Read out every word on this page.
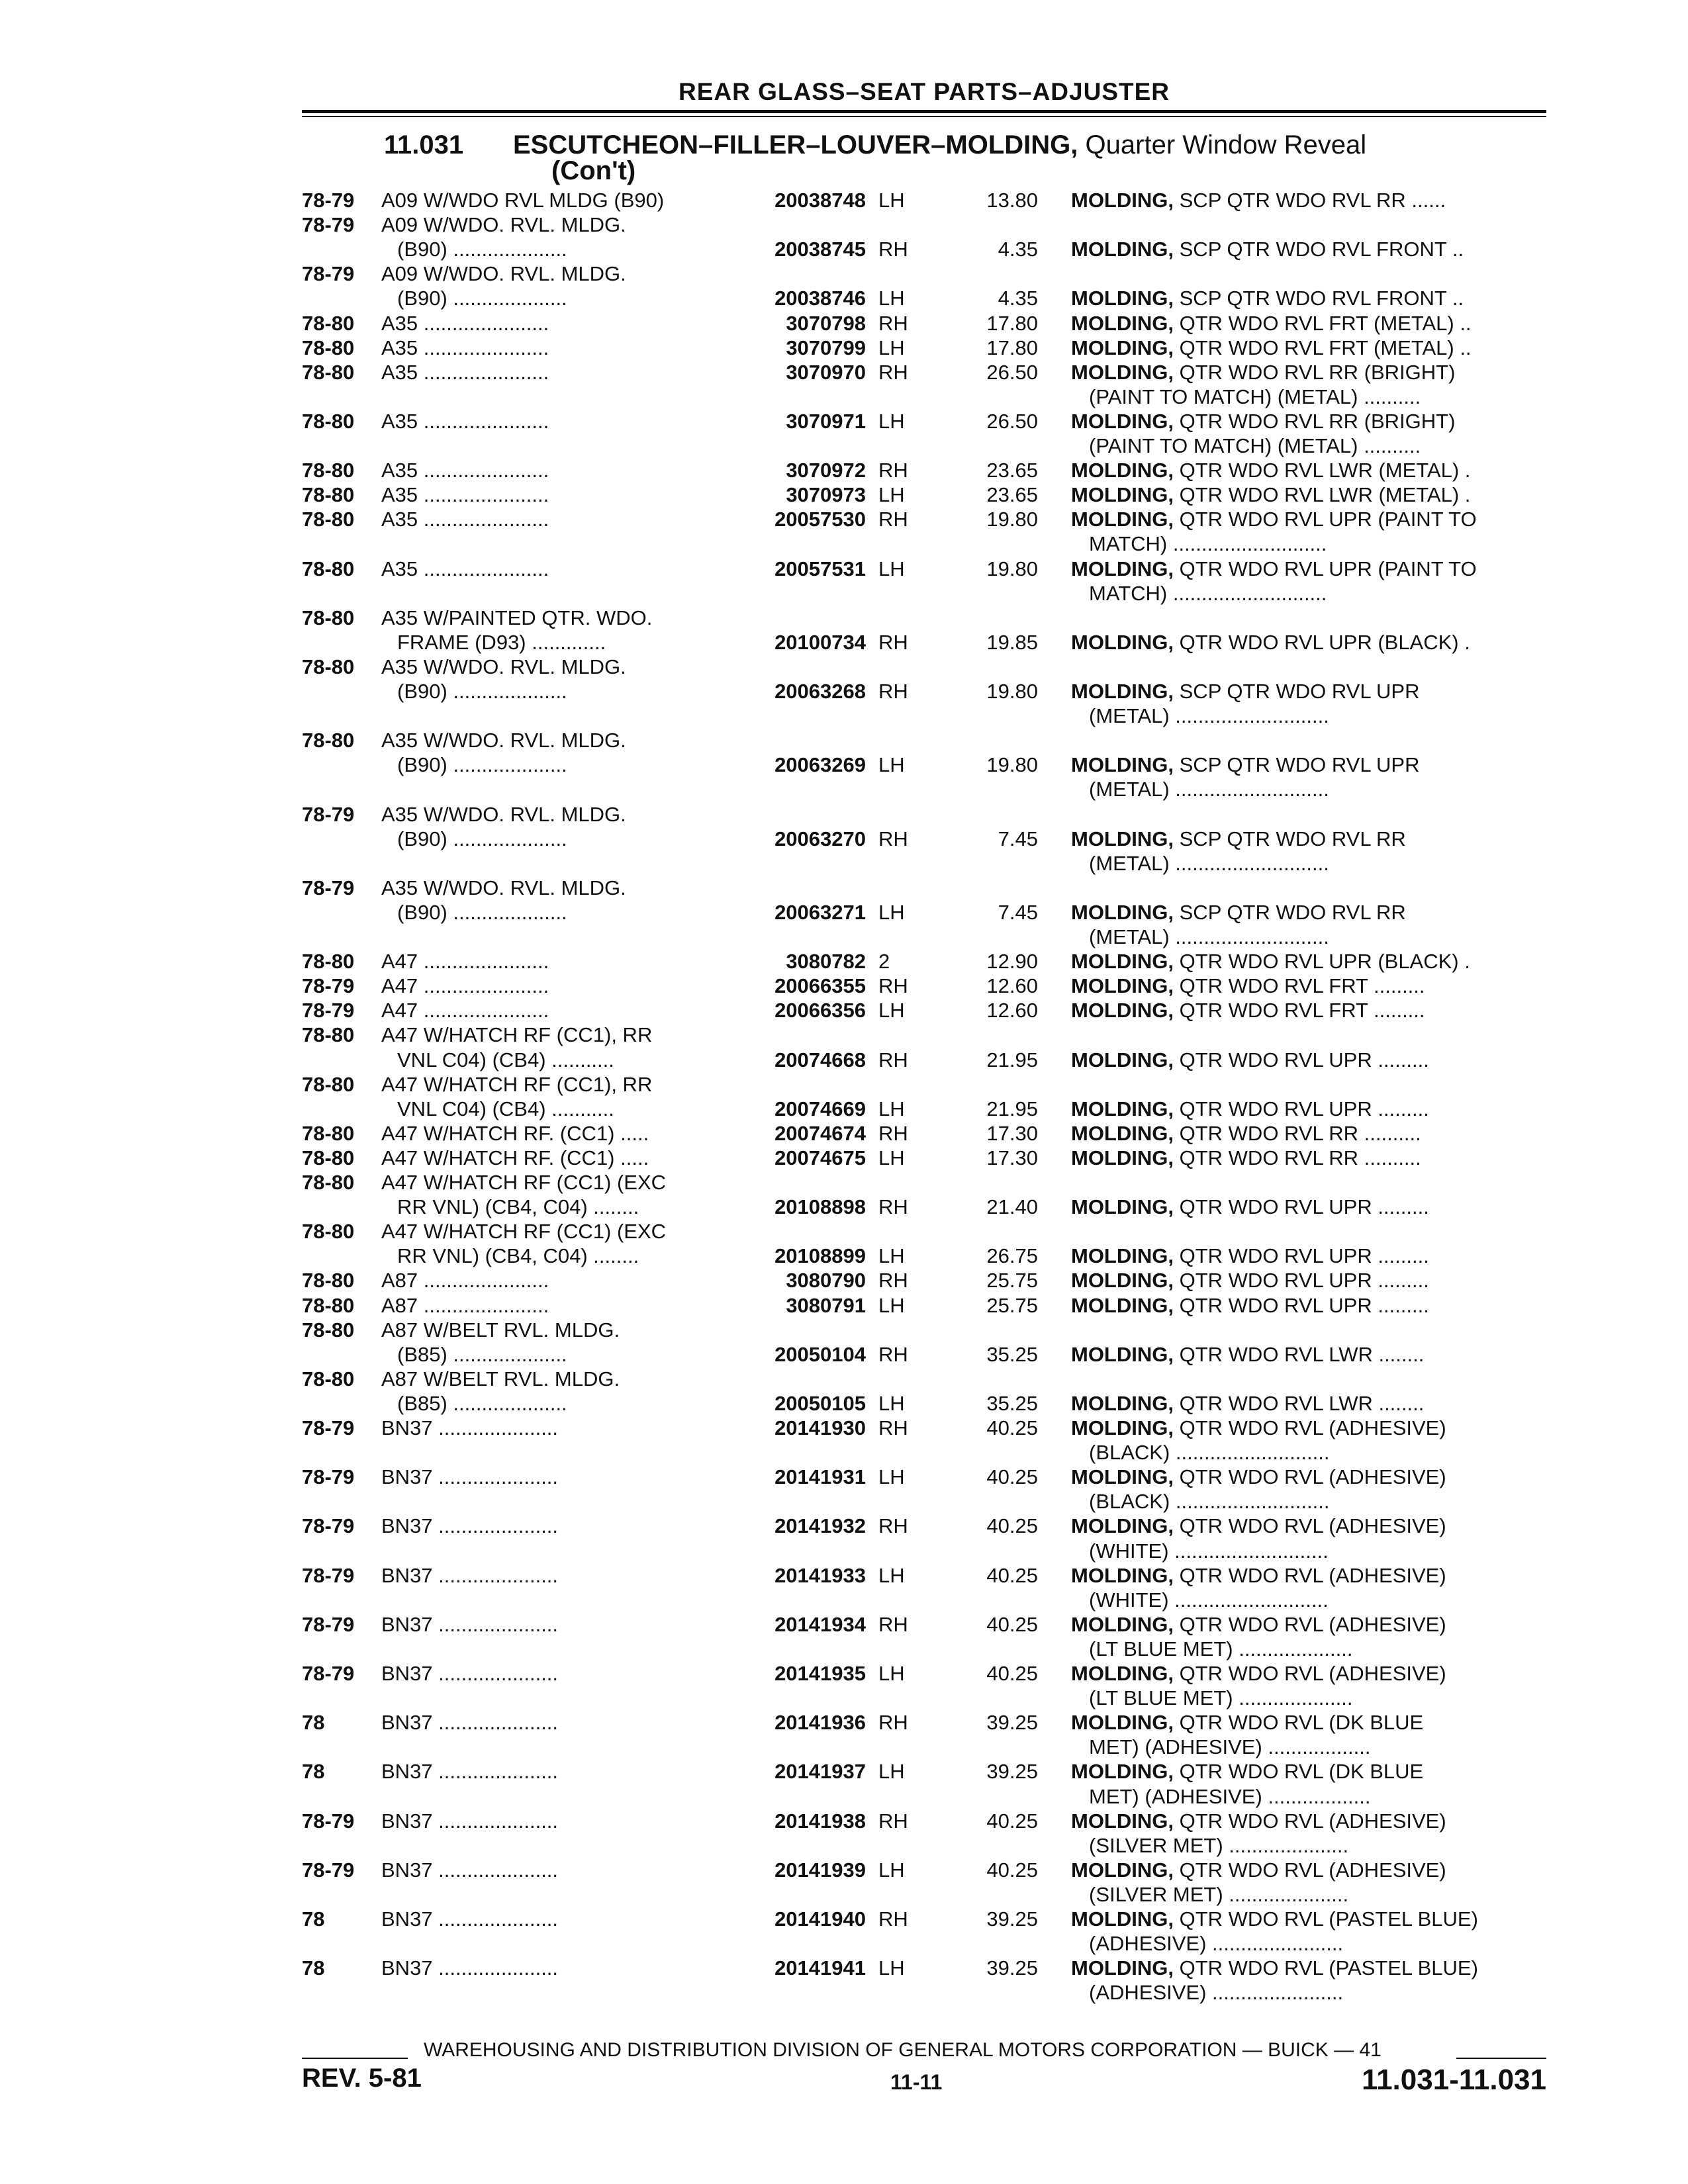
REAR GLASS–SEAT PARTS–ADJUSTER
11.031 ESCUTCHEON–FILLER–LOUVER–MOLDING, Quarter Window Reveal
(Con't)
78-79 A09 W/WDO RVL MLDG (B90)	20038748 LH	13.80 MOLDING, SCP QTR WDO RVL RR ......
78-79 A09 W/WDO. RVL. MLDG.
(B90) ....................	20038745 RH	4.35 MOLDING, SCP QTR WDO RVL FRONT ..
78-79 A09 W/WDO. RVL. MLDG.
(B90) ....................	20038746 LH	4.35 MOLDING, SCP QTR WDO RVL FRONT ..
78-80 A35 ......................	3070798 RH	17.80 MOLDING, QTR WDO RVL FRT (METAL) ..
78-80 A35 ......................	3070799 LH	17.80 MOLDING, QTR WDO RVL FRT (METAL) ..
78-80 A35 ......................	3070970 RH	26.50 MOLDING, QTR WDO RVL RR (BRIGHT)
(PAINT TO MATCH) (METAL) ..........
78-80 A35 ......................	3070971 LH	26.50 MOLDING, QTR WDO RVL RR (BRIGHT)
(PAINT TO MATCH) (METAL) ..........
78-80 A35 ......................	3070972 RH	23.65 MOLDING, QTR WDO RVL LWR (METAL) .
78-80 A35 ......................	3070973 LH	23.65 MOLDING, QTR WDO RVL LWR (METAL) .
78-80 A35 ......................	20057530 RH	19.80 MOLDING, QTR WDO RVL UPR (PAINT TO
MATCH) ...........................
78-80 A35 ......................	20057531 LH	19.80 MOLDING, QTR WDO RVL UPR (PAINT TO
MATCH) ...........................
78-80 A35 W/PAINTED QTR. WDO.
FRAME (D93) .............	20100734 RH	19.85 MOLDING, QTR WDO RVL UPR (BLACK) .
78-80 A35 W/WDO. RVL. MLDG.
(B90) ....................	20063268 RH	19.80 MOLDING, SCP QTR WDO RVL UPR
(METAL) ...........................
78-80 A35 W/WDO. RVL. MLDG.
(B90) ....................	20063269 LH	19.80 MOLDING, SCP QTR WDO RVL UPR
(METAL) ...........................
78-79 A35 W/WDO. RVL. MLDG.
(B90) ....................	20063270 RH	7.45 MOLDING, SCP QTR WDO RVL RR
(METAL) ...........................
78-79 A35 W/WDO. RVL. MLDG.
(B90) ....................	20063271 LH	7.45 MOLDING, SCP QTR WDO RVL RR
(METAL) ...........................
78-80 A47 ......................	3080782 2	12.90 MOLDING, QTR WDO RVL UPR (BLACK) .
78-79 A47 ......................	20066355 RH	12.60 MOLDING, QTR WDO RVL FRT .........
78-79 A47 ......................	20066356 LH	12.60 MOLDING, QTR WDO RVL FRT .........
78-80 A47 W/HATCH RF (CC1), RR
VNL C04) (CB4) ...........	20074668 RH	21.95 MOLDING, QTR WDO RVL UPR .........
78-80 A47 W/HATCH RF (CC1), RR
VNL C04) (CB4) ...........	20074669 LH	21.95 MOLDING, QTR WDO RVL UPR .........
78-80 A47 W/HATCH RF. (CC1) .....	20074674 RH	17.30 MOLDING, QTR WDO RVL RR ..........
78-80 A47 W/HATCH RF. (CC1) .....	20074675 LH	17.30 MOLDING, QTR WDO RVL RR ..........
78-80 A47 W/HATCH RF (CC1) (EXC
RR VNL) (CB4, C04) ........	20108898 RH	21.40 MOLDING, QTR WDO RVL UPR .........
78-80 A47 W/HATCH RF (CC1) (EXC
RR VNL) (CB4, C04) ........	20108899 LH	26.75 MOLDING, QTR WDO RVL UPR .........
78-80 A87 ......................	3080790 RH	25.75 MOLDING, QTR WDO RVL UPR .........
78-80 A87 ......................	3080791 LH	25.75 MOLDING, QTR WDO RVL UPR .........
78-80 A87 W/BELT RVL. MLDG.
(B85) ....................	20050104 RH	35.25 MOLDING, QTR WDO RVL LWR ........
78-80 A87 W/BELT RVL. MLDG.
(B85) ....................	20050105 LH	35.25 MOLDING, QTR WDO RVL LWR ........
78-79 BN37 .....................	20141930 RH	40.25 MOLDING, QTR WDO RVL (ADHESIVE)
(BLACK) ...........................
78-79 BN37 .....................	20141931 LH	40.25 MOLDING, QTR WDO RVL (ADHESIVE)
(BLACK) ...........................
78-79 BN37 .....................	20141932 RH	40.25 MOLDING, QTR WDO RVL (ADHESIVE)
(WHITE) ...........................
78-79 BN37 .....................	20141933 LH	40.25 MOLDING, QTR WDO RVL (ADHESIVE)
(WHITE) ...........................
78-79 BN37 .....................	20141934 RH	40.25 MOLDING, QTR WDO RVL (ADHESIVE)
(LT BLUE MET) ....................
78-79 BN37 .....................	20141935 LH	40.25 MOLDING, QTR WDO RVL (ADHESIVE)
(LT BLUE MET) ....................
78	BN37 .....................	20141936 RH	39.25 MOLDING, QTR WDO RVL (DK BLUE
MET) (ADHESIVE) ..................
78	BN37 .....................	20141937 LH	39.25 MOLDING, QTR WDO RVL (DK BLUE
MET) (ADHESIVE) ..................
78-79 BN37 .....................	20141938 RH	40.25 MOLDING, QTR WDO RVL (ADHESIVE)
(SILVER MET) .....................
78-79 BN37 .....................	20141939 LH	40.25 MOLDING, QTR WDO RVL (ADHESIVE)
(SILVER MET) .....................
78	BN37 .....................	20141940 RH	39.25 MOLDING, QTR WDO RVL (PASTEL BLUE)
(ADHESIVE) .......................
78	BN37 .....................	20141941 LH	39.25 MOLDING, QTR WDO RVL (PASTEL BLUE)
(ADHESIVE) .......................
WAREHOUSING AND DISTRIBUTION DIVISION OF GENERAL MOTORS CORPORATION — BUICK — 41
REV. 5-81	11-11	11.031-11.031
